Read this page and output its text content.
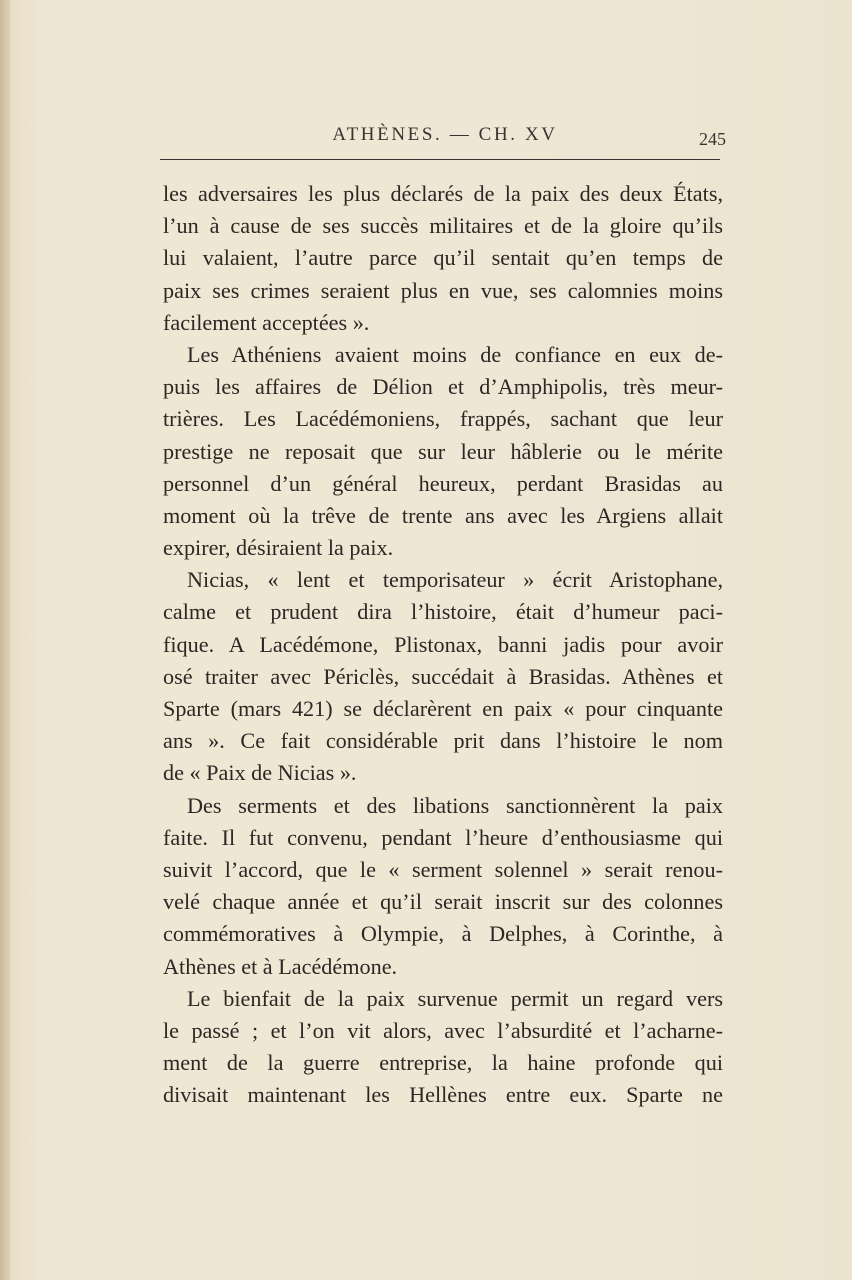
ATHÈNES. — CH. XV	245
les adversaires les plus déclarés de la paix des deux États,
l’un à cause de ses succès militaires et de la gloire qu’ils
lui valaient, l’autre parce qu’il sentait qu’en temps de
paix ses crimes seraient plus en vue, ses calomnies moins
facilement acceptées ».
Les Athéniens avaient moins de confiance en eux de-
puis les affaires de Délion et d’Amphipolis, très meur-
trières. Les Lacédémoniens, frappés, sachant que leur
prestige ne reposait que sur leur hâblerie ou le mérite
personnel d’un général heureux, perdant Brasidas au
moment où la trêve de trente ans avec les Argiens allait
expirer, désiraient la paix.
Nicias, « lent et temporisateur » écrit Aristophane,
calme et prudent dira l’histoire, était d’humeur paci-
fique. A Lacédémone, Plistonax, banni jadis pour avoir
osé traiter avec Périclès, succédait à Brasidas. Athènes et
Sparte (mars 421) se déclarèrent en paix « pour cinquante
ans ». Ce fait considérable prit dans l’histoire le nom
de « Paix de Nicias ».
Des serments et des libations sanctionnèrent la paix
faite. Il fut convenu, pendant l’heure d’enthousiasme qui
suivit l’accord, que le « serment solennel » serait renou-
velé chaque année et qu’il serait inscrit sur des colonnes
commémoratives à Olympie, à Delphes, à Corinthe, à
Athènes et à Lacédémone.
Le bienfait de la paix survenue permit un regard vers
le passé ; et l’on vit alors, avec l’absurdité et l’acharne-
ment de la guerre entreprise, la haine profonde qui
divisait maintenant les Hellènes entre eux. Sparte ne
